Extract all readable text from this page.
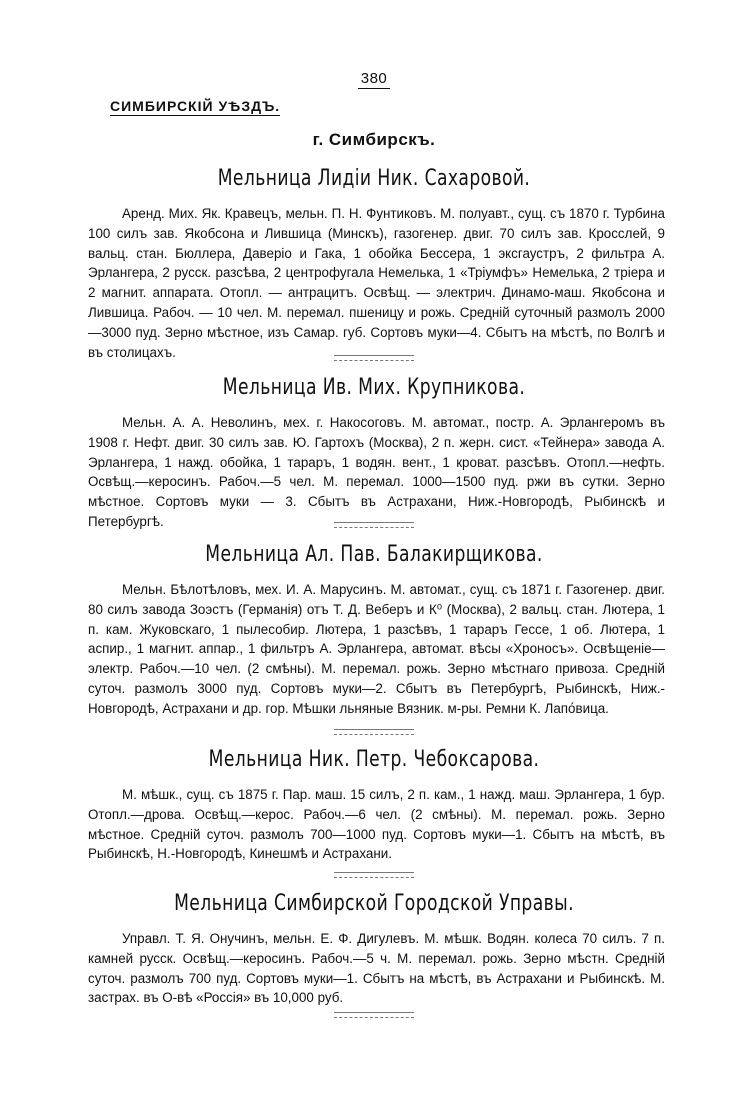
380
СИМБИРСКІЙ УѢЗДЪ.
г. Симбирскъ.
Мельница Лидіи Ник. Сахаровой.

Аренд. Мих. Як. Кравецъ, мельн. П. Н. Фунтиковъ. М. полуавт., сущ. съ 1870 г. Турбина 100 силъ зав. Якобсона и Лившица (Минскъ), газогенер. двиг. 70 силъ зав. Кросслей, 9 вальц. стан. Бюллера, Даверіо и Гака, 1 обойка Бессера, 1 эксгаустръ, 2 фильтра А. Эрлангера, 2 русск. разсѣва, 2 центрофугала Немелька, 1 «Тріумфъ» Немелька, 2 тріера и 2 магнит. аппарата. Отопл. — антрацитъ. Освѣщ. — электрич. Динамо-маш. Якобсона и Лившица. Рабоч. — 10 чел. М. перемал. пшеницу и рожь. Средній суточный размолъ 2000—3000 пуд. Зерно мѣстное, изъ Самар. губ. Сортовъ муки—4. Сбытъ на мѣстѣ, по Волгѣ и въ столицахъ.

Мельница Ив. Мих. Крупникова.

Мельн. А. А. Неволинъ, мех. г. Накосоговъ. М. автомат., постр. А. Эрлангеромъ въ 1908 г. Нефт. двиг. 30 силъ зав. Ю. Гартохъ (Москва), 2 п. жерн. сист. «Тейнера» завода А. Эрлангера, 1 нажд. обойка, 1 тараръ, 1 водян. вент., 1 кроват. разсѣвъ. Отопл.—нефть. Освѣщ.—керосинъ. Рабоч.—5 чел. М. перемал. 1000—1500 пуд. ржи въ сутки. Зерно мѣстное. Сортовъ муки — 3. Сбытъ въ Астрахани, Ниж.-Новгородѣ, Рыбинскѣ и Петербургѣ.

Мельница Ал. Пав. Балакирщикова.

Мельн. Бѣлотѣловъ, мех. И. А. Марусинъ. М. автомат., сущ. съ 1871 г. Газогенер. двиг. 80 силъ завода Зоэстъ (Германія) отъ Т. Д. Веберъ и К⁰ (Москва), 2 вальц. стан. Лютера, 1 п. кам. Жуковскаго, 1 пылесобир. Лютера, 1 разсѣвъ, 1 тараръ Гессе, 1 об. Лютера, 1 аспир., 1 магнит. аппар., 1 фильтръ А. Эрлангера, автомат. вѣсы «Хроносъ». Освѣщеніе—электр. Рабоч.—10 чел. (2 смѣны). М. перемал. рожь. Зерно мѣстнаго привоза. Средній суточ. размолъ 3000 пуд. Сортовъ муки—2. Сбытъ въ Петербургѣ, Рыбинскѣ, Ниж.-Новгородѣ, Астрахани и др. гор. Мѣшки льняные Вязник. м-ры. Ремни К. Лапо́вица.

Мельница Ник. Петр. Чебоксарова.

М. мѣшк., сущ. съ 1875 г. Пар. маш. 15 силъ, 2 п. кам., 1 нажд. маш. Эрлангера, 1 бур. Отопл.—дрова. Освѣщ.—керос. Рабоч.—6 чел. (2 смѣны). М. перемал. рожь. Зерно мѣстное. Средній суточ. размолъ 700—1000 пуд. Сортовъ муки—1. Сбытъ на мѣстѣ, въ Рыбинскѣ, Н.-Новгородѣ, Кинешмѣ и Астрахани.

Мельница Симбирской Городской Управы.

Управл. Т. Я. Онучинъ, мельн. Е. Ф. Дигулевъ. М. мѣшк. Водян. колеса 70 силъ. 7 п. камней русск. Освѣщ.—керосинъ. Рабоч.—5 ч. М. перемал. рожь. Зерно мѣстн. Средній суточ. размолъ 700 пуд. Сортовъ муки—1. Сбытъ на мѣстѣ, въ Астрахани и Рыбинскѣ. М. застрах. въ О-вѣ «Россія» въ 10,000 руб.
